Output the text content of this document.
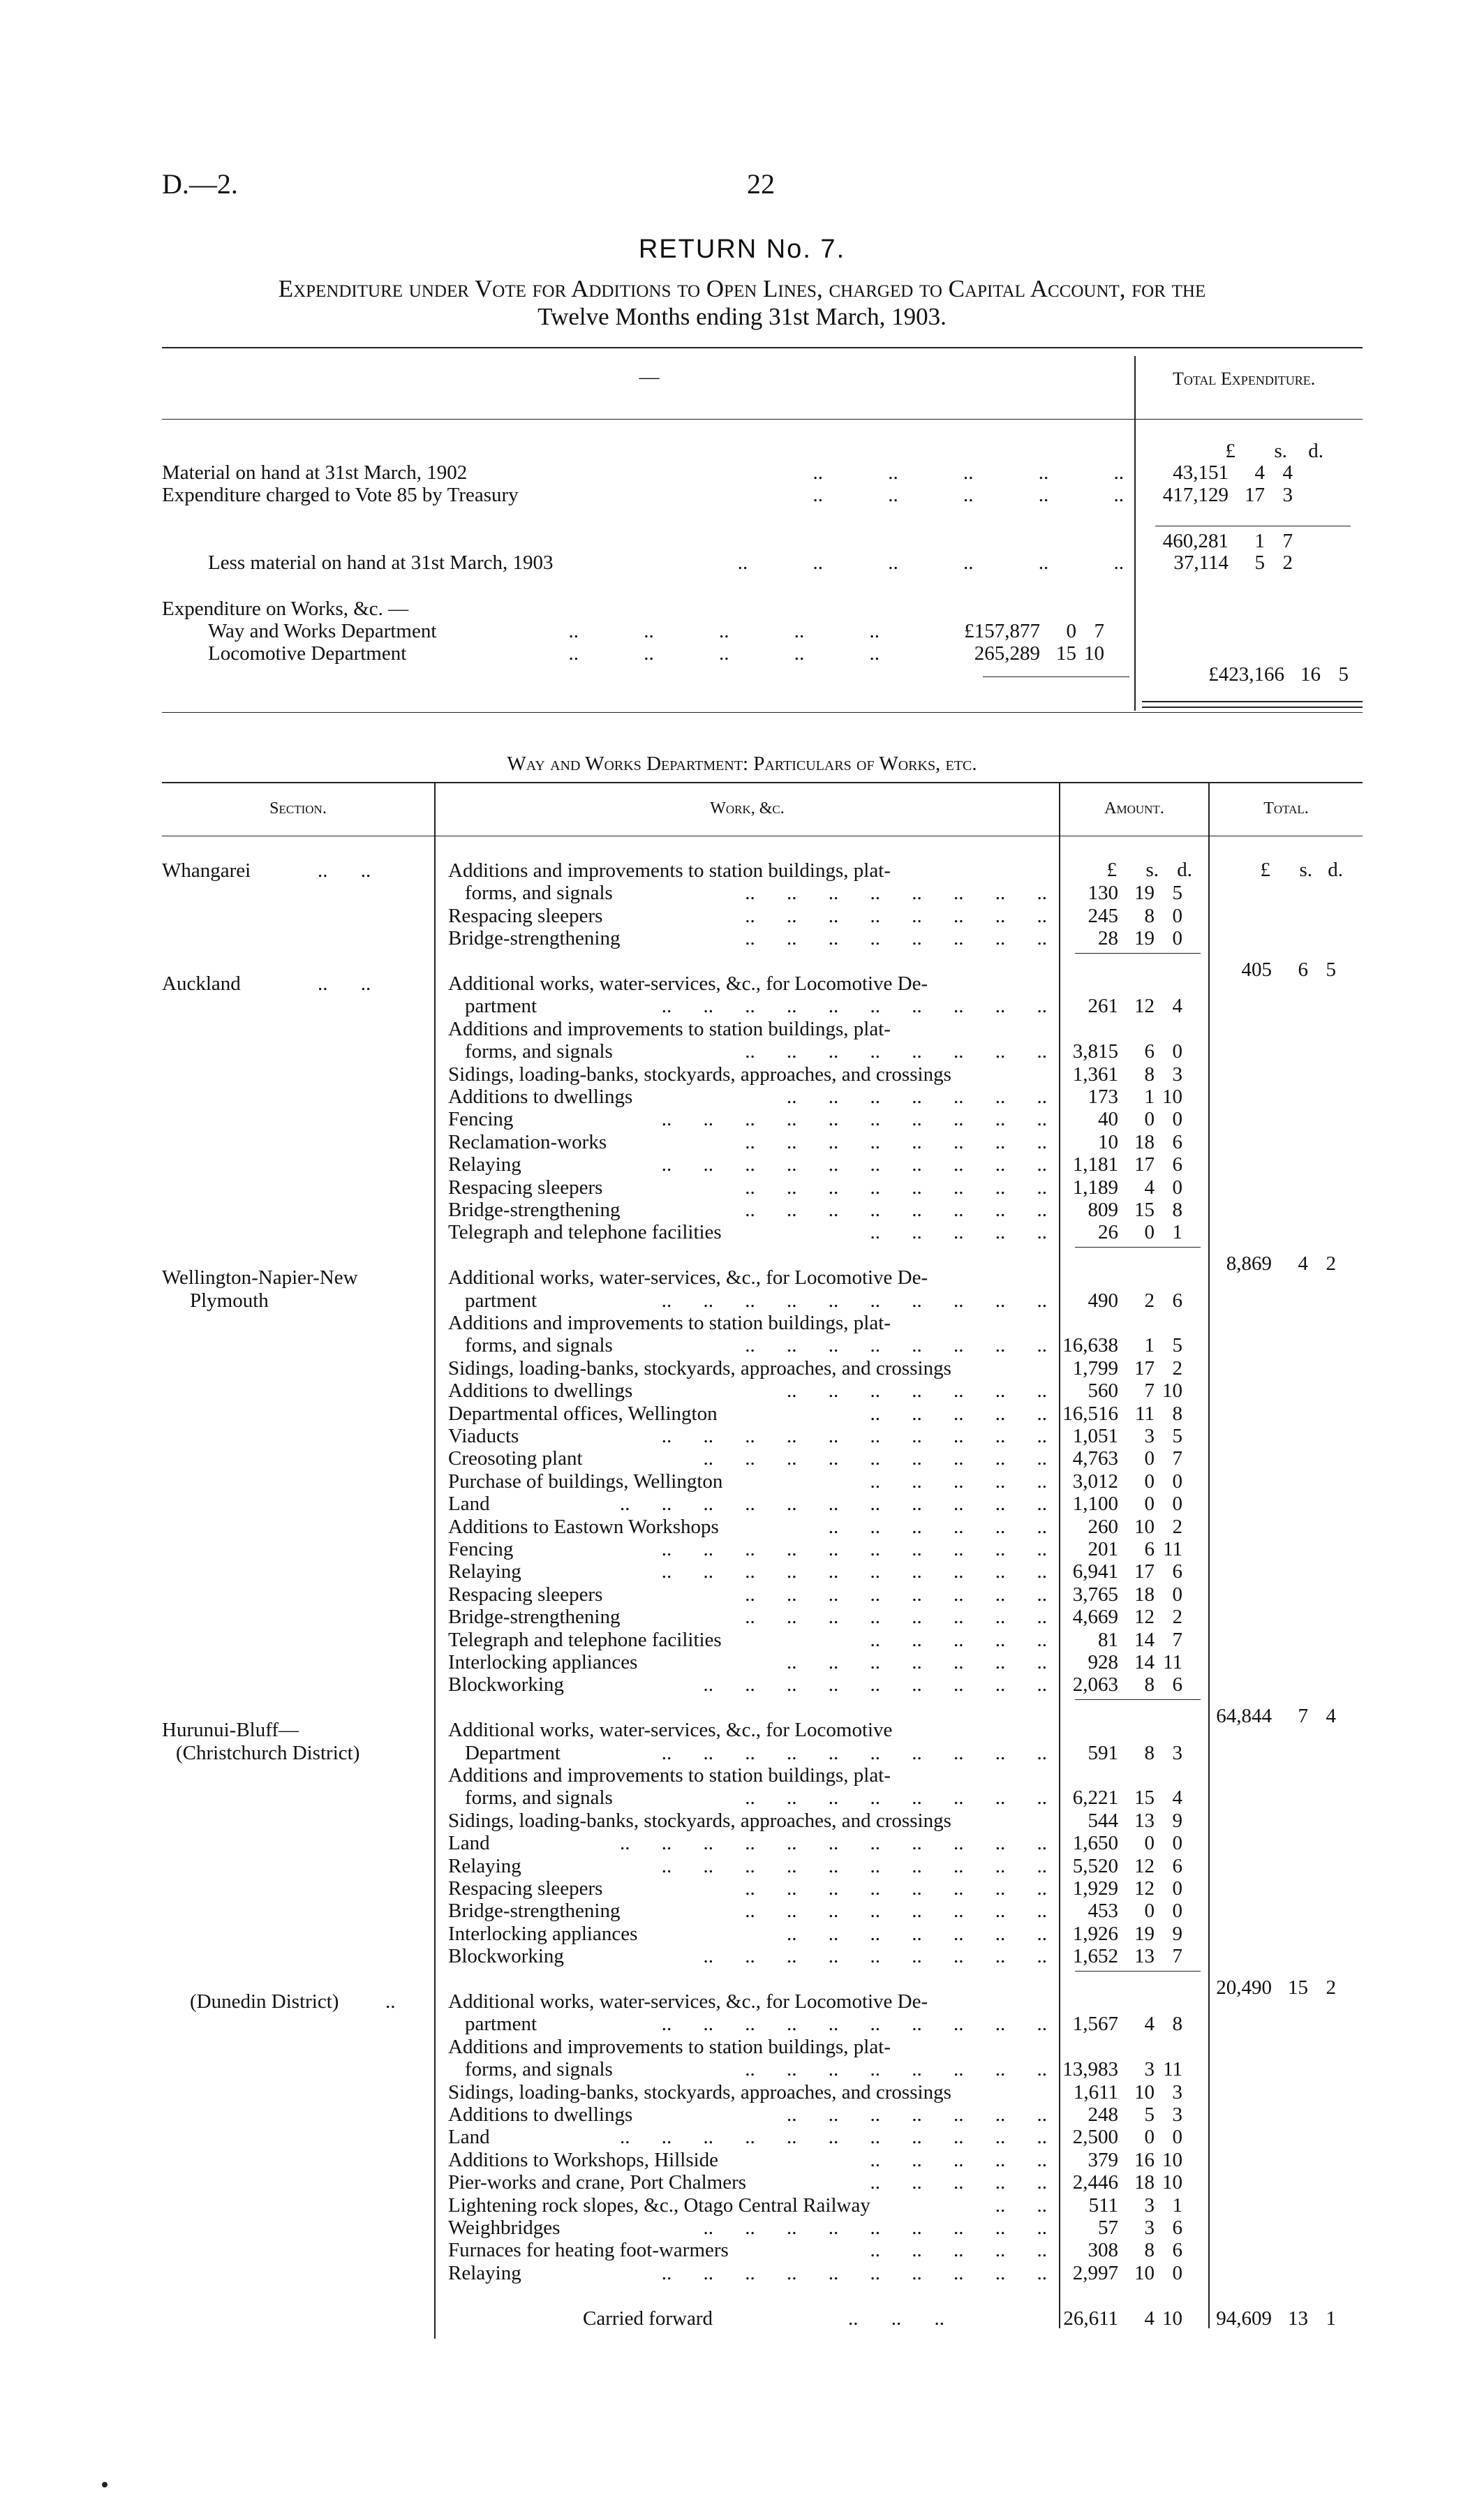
D.—2.	22
RETURN No. 7.
Expenditure under Vote for Additions to Open Lines, charged to Capital Account, for the
Twelve Months ending 31st March, 1903.
—	Total Expenditure.
£	s.	d.
Material on hand at 31st March, 1902	.. .. .. .. ..	43,151	4 4
Expenditure charged to Vote 85 by Treasury	.. .. .. .. ..	417,129 17 3
460,281	1 7
Less material on hand at 31st March, 1903	.. .. .. .. .. ..	37,114	5 2
Expenditure on Works, &c. —
Way and Works Department	.. .. .. .. ..	£157,877	0 7
Locomotive Department	.. .. .. .. ..	265,289 15 10
£423,166 16 5
Way and Works Department: Particulars of Works, etc.
Section.	Work, &c.	Amount.	Total.
£	s. d.	£	s. d.
Whangarei	.. ..	Additions and improvements to station buildings, plat-
forms, and signals	.. .. .. .. .. .. .. ..	130 19 5
Respacing sleepers	.. .. .. .. .. .. .. ..	245	8 0
Bridge-strengthening	.. .. .. .. .. .. .. ..	28 19 0
405	6 5
Auckland	.. ..	Additional works, water-services, &c., for Locomotive De-
partment	.. .. .. .. .. .. .. .. .. ..	261 12 4
Additions and improvements to station buildings, plat-
forms, and signals	.. .. .. .. .. .. .. ..	3,815	6 0
Sidings, loading-banks, stockyards, approaches, and crossings	1,361	8 3
Additions to dwellings	.. .. .. .. .. .. ..	173	1 10
Fencing	.. .. .. .. .. .. .. .. .. ..	40	0 0
Reclamation-works	.. .. .. .. .. .. .. ..	10 18 6
Relaying	.. .. .. .. .. .. .. .. .. ..	1,181 17 6
Respacing sleepers	.. .. .. .. .. .. .. ..	1,189	4 0
Bridge-strengthening	.. .. .. .. .. .. .. ..	809 15 8
Telegraph and telephone facilities	.. .. .. .. ..	26	0 1
8,869	4 2
Wellington-Napier-New
Plymouth
Additional works, water-services, &c., for Locomotive De-
partment	.. .. .. .. .. .. .. .. .. ..	490	2 6
Additions and improvements to station buildings, plat-
forms, and signals	.. .. .. .. .. .. .. .. 16,638	1 5
Sidings, loading-banks, stockyards, approaches, and crossings	1,799 17 2
Additions to dwellings	.. .. .. .. .. .. ..	560	7 10
Departmental offices, Wellington	.. .. .. .. .. 16,516 11 8
Viaducts	.. .. .. .. .. .. .. .. .. ..	1,051	3 5
Creosoting plant	.. .. .. .. .. .. .. .. ..	4,763	0 7
Purchase of buildings, Wellington	.. .. .. .. ..	3,012	0 0
Land	.. .. .. .. .. .. .. .. .. .. ..	1,100	0 0
Additions to Eastown Workshops	.. .. .. .. .. ..	260 10 2
Fencing	.. .. .. .. .. .. .. .. .. ..	201	6 11
Relaying	.. .. .. .. .. .. .. .. .. ..	6,941 17 6
Respacing sleepers	.. .. .. .. .. .. .. ..	3,765 18 0
Bridge-strengthening	.. .. .. .. .. .. .. ..	4,669 12 2
Telegraph and telephone facilities	.. .. .. .. ..	81 14 7
Interlocking appliances	.. .. .. .. .. .. ..	928 14 11
Blockworking	.. .. .. .. .. .. .. .. ..	2,063	8 6
64,844	7 4
Hurunui-Bluff—
(Christchurch District)
Additional works, water-services, &c., for Locomotive
Department	.. .. .. .. .. .. .. .. .. ..	591	8 3
Additions and improvements to station buildings, plat-
forms, and signals	.. .. .. .. .. .. .. ..	6,221 15 4
Sidings, loading-banks, stockyards, approaches, and crossings	544 13 9
Land	.. .. .. .. .. .. .. .. .. .. ..	1,650	0 0
Relaying	.. .. .. .. .. .. .. .. .. ..	5,520 12 6
Respacing sleepers	.. .. .. .. .. .. .. ..	1,929 12 0
Bridge-strengthening	.. .. .. .. .. .. .. ..	453	0 0
Interlocking appliances	.. .. .. .. .. .. ..	1,926 19 9
Blockworking	.. .. .. .. .. .. .. .. ..	1,652 13 7
20,490 15 2
(Dunedin District) ..	Additional works, water-services, &c., for Locomotive De-
partment	.. .. .. .. .. .. .. .. .. ..	1,567	4 8
Additions and improvements to station buildings, plat-
forms, and signals	.. .. .. .. .. .. .. .. 13,983	3 11
Sidings, loading-banks, stockyards, approaches, and crossings	1,611 10 3
Additions to dwellings	.. .. .. .. .. .. ..	248	5 3
Land	.. .. .. .. .. .. .. .. .. .. ..	2,500	0 0
Additions to Workshops, Hillside	.. .. .. .. ..	379 16 10
Pier-works and crane, Port Chalmers	.. .. .. .. ..	2,446 18 10
Lightening rock slopes, &c., Otago Central Railway	.. ..	511	3 1
Weighbridges	.. .. .. .. .. .. .. .. ..	57	3 6
Furnaces for heating foot-warmers	.. .. .. .. ..	308	8 6
Relaying	.. .. .. .. .. .. .. .. .. ..	2,997 10 0
Carried forward	.. .. ..	26,611	4 10	94,609 13 1
